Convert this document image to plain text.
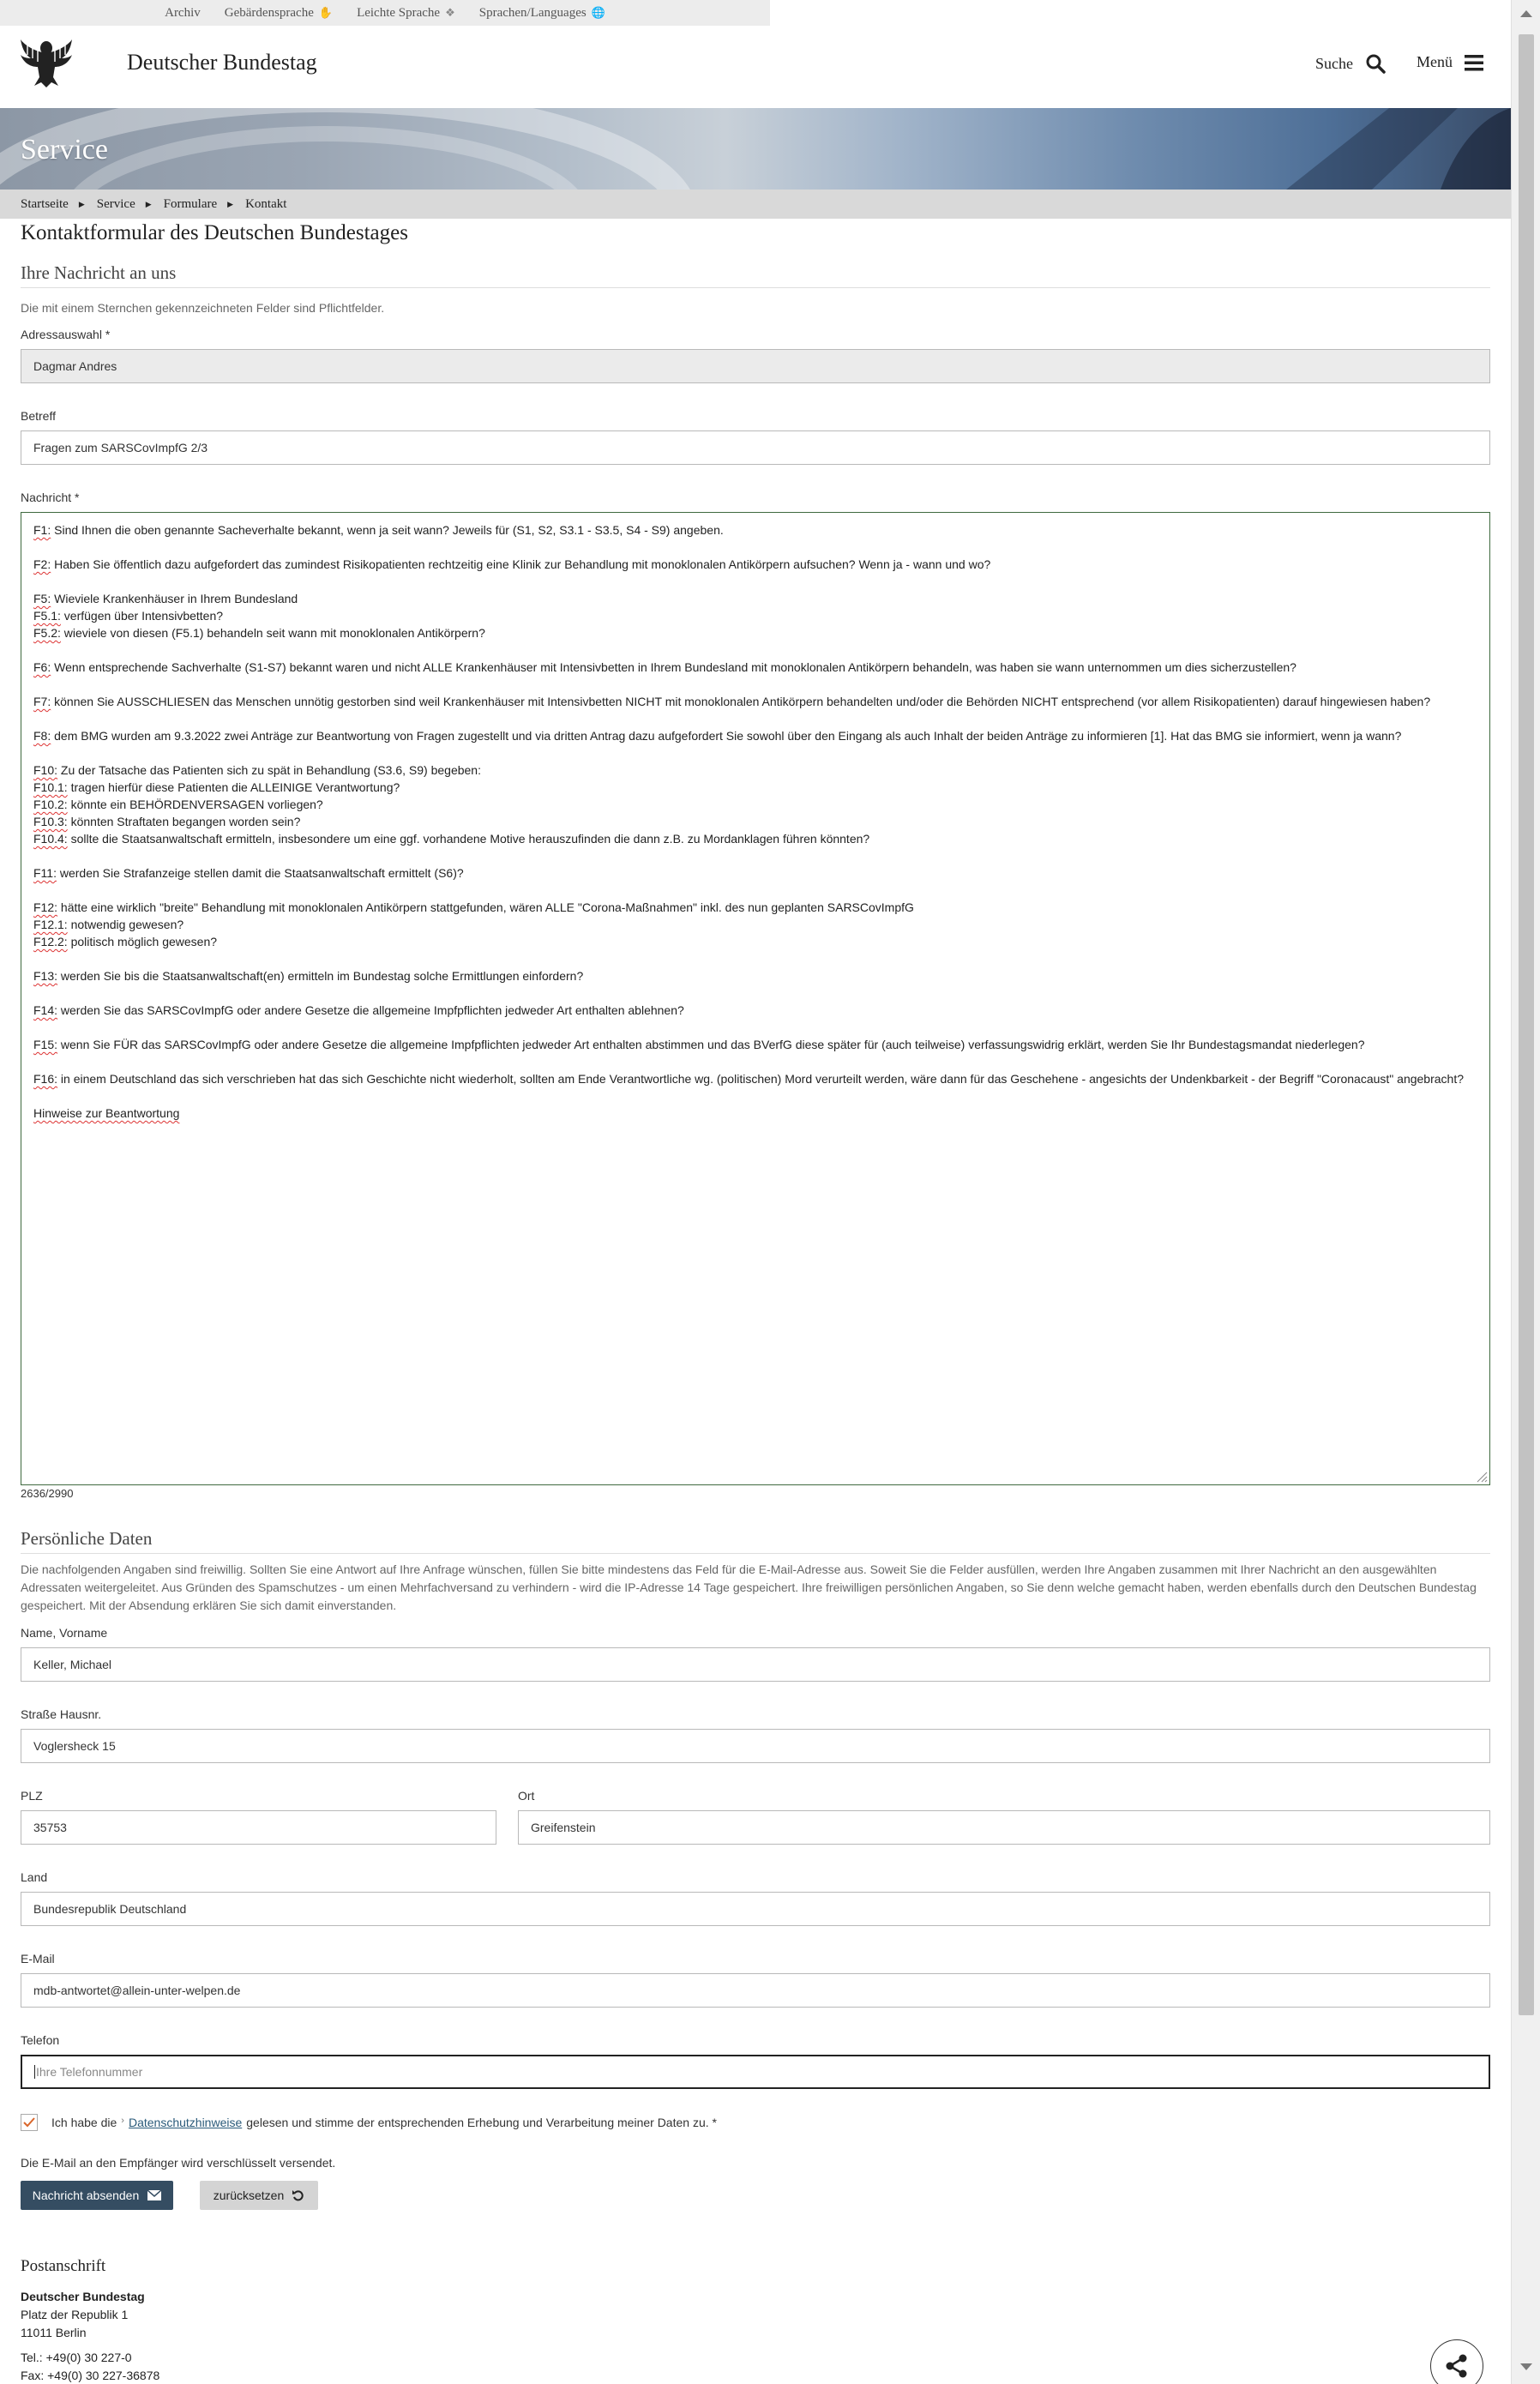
Archiv Gebärdensprache ✋ Leichte Sprache ❖ Sprachen/Languages 🌐
Deutscher Bundestag	Suche	Menü
Service
Startseite ▶ Service ▶ Formulare ▶ Kontakt
Kontaktformular des Deutschen Bundestages
Ihre Nachricht an uns
Die mit einem Sternchen gekennzeichneten Felder sind Pflichtfelder.
Adressauswahl *
Dagmar Andres
Betreff
Fragen zum SARSCovImpfG 2/3
Nachricht *

F1: Sind Ihnen die oben genannte Sacheverhalte bekannt, wenn ja seit wann? Jeweils für (S1, S2, S3.1 - S3.5, S4 - S9) angeben.

F2: Haben Sie öffentlich dazu aufgefordert das zumindest Risikopatienten rechtzeitig eine Klinik zur Behandlung mit monoklonalen Antikörpern aufsuchen? Wenn ja - wann und wo?

F5: Wieviele Krankenhäuser in Ihrem Bundesland

F5.1: verfügen über Intensivbetten?

F5.2: wieviele von diesen (F5.1) behandeln seit wann mit monoklonalen Antikörpern?

F6: Wenn entsprechende Sachverhalte (S1-S7) bekannt waren und nicht ALLE Krankenhäuser mit Intensivbetten in Ihrem Bundesland mit monoklonalen Antikörpern behandeln, was haben sie wann unternommen um dies sicherzustellen?

F7: können Sie AUSSCHLIESEN das Menschen unnötig gestorben sind weil Krankenhäuser mit Intensivbetten NICHT mit monoklonalen Antikörpern behandelten und/oder die Behörden NICHT entsprechend (vor allem Risikopatienten) darauf hingewiesen haben?

F8: dem BMG wurden am 9.3.2022 zwei Anträge zur Beantwortung von Fragen zugestellt und via dritten Antrag dazu aufgefordert Sie sowohl über den Eingang als auch Inhalt der beiden Anträge zu informieren [1]. Hat das BMG sie informiert, wenn ja wann?

F10: Zu der Tatsache das Patienten sich zu spät in Behandlung (S3.6, S9) begeben:

F10.1: tragen hierfür diese Patienten die ALLEINIGE Verantwortung?

F10.2: könnte ein BEHÖRDENVERSAGEN vorliegen?

F10.3: könnten Straftaten begangen worden sein?

F10.4: sollte die Staatsanwaltschaft ermitteln, insbesondere um eine ggf. vorhandene Motive herauszufinden die dann z.B. zu Mordanklagen führen könnten?

F11: werden Sie Strafanzeige stellen damit die Staatsanwaltschaft ermittelt (S6)?

F12: hätte eine wirklich "breite" Behandlung mit monoklonalen Antikörpern stattgefunden, wären ALLE "Corona-Maßnahmen" inkl. des nun geplanten SARSCovImpfG

F12.1: notwendig gewesen?

F12.2: politisch möglich gewesen?

F13: werden Sie bis die Staatsanwaltschaft(en) ermitteln im Bundestag solche Ermittlungen einfordern?

F14: werden Sie das SARSCovImpfG oder andere Gesetze die allgemeine Impfpflichten jedweder Art enthalten ablehnen?

F15: wenn Sie FÜR das SARSCovImpfG oder andere Gesetze die allgemeine Impfpflichten jedweder Art enthalten abstimmen und das BVerfG diese später für (auch teilweise) verfassungswidrig erklärt, werden Sie Ihr Bundestagsmandat niederlegen?

F16: in einem Deutschland das sich verschrieben hat das sich Geschichte nicht wiederholt, sollten am Ende Verantwortliche wg. (politischen) Mord verurteilt werden, wäre dann für das Geschehene - angesichts der Undenkbarkeit - der Begriff "Coronacaust" angebracht?

Hinweise zur Beantwortung

2636/2990
Persönliche Daten
Die nachfolgenden Angaben sind freiwillig. Sollten Sie eine Antwort auf Ihre Anfrage wünschen, füllen Sie bitte mindestens das Feld für die E-Mail-Adresse aus. Soweit Sie die Felder ausfüllen, werden Ihre Angaben zusammen mit Ihrer Nachricht an den ausgewählten Adressaten weitergeleitet. Aus Gründen des Spamschutzes - um einen Mehrfachversand zu verhindern - wird die IP-Adresse 14 Tage gespeichert. Ihre freiwilligen persönlichen Angaben, so Sie denn welche gemacht haben, werden ebenfalls durch den Deutschen Bundestag gespeichert. Mit der Absendung erklären Sie sich damit einverstanden.
Name, Vorname
Keller, Michael
Straße Hausnr.
Voglersheck 15
PLZ
35753
Ort
Greifenstein
Land
Bundesrepublik Deutschland
E-Mail
mdb-antwortet@allein-unter-welpen.de
Telefon
Ihre Telefonnummer
Ich habe die › Datenschutzhinweise gelesen und stimme der entsprechenden Erhebung und Verarbeitung meiner Daten zu. *
Die E-Mail an den Empfänger wird verschlüsselt versendet.
Nachricht absenden	zurücksetzen
Postanschrift
Deutscher Bundestag
Platz der Republik 1
11011 Berlin
Tel.: +49(0) 30 227-0
Fax: +49(0) 30 227-36878
